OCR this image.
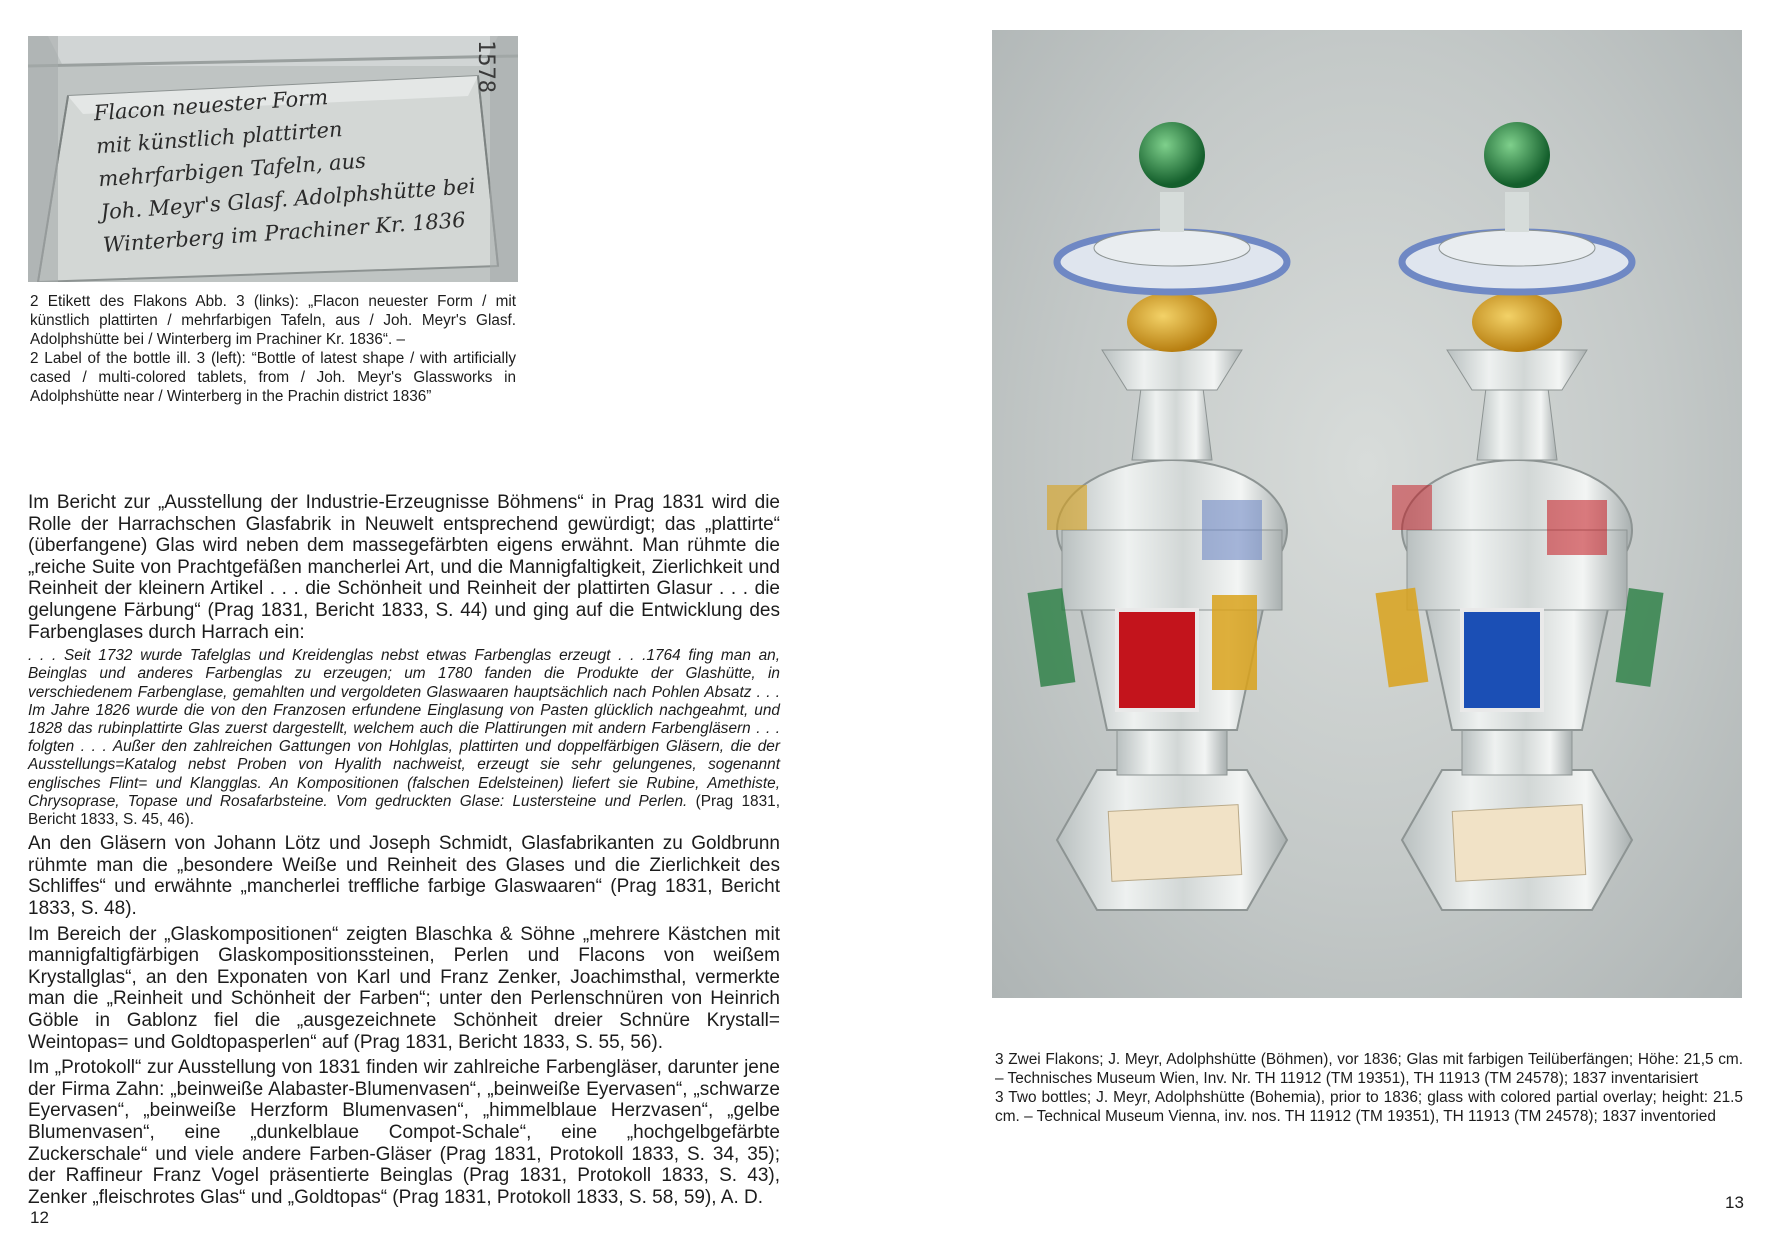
Flacon neuester Form
mit künstlich plattirten
mehrfarbigen Tafeln, aus
Joh. Meyr's Glasf. Adolphshütte bei
Winterberg im Prachiner Kr. 1836
1578

2 Etikett des Flakons Abb. 3 (links): „Flacon neuester Form / mit künstlich plattirten / mehrfarbigen Tafeln, aus / Joh. Meyr's Glasf. Adolphshütte bei / Winterberg im Prachiner Kr. 1836“. –

2 Label of the bottle ill. 3 (left): “Bottle of latest shape / with artificially cased / multi-colored tablets, from / Joh. Meyr's Glassworks in Adolphshütte near / Winterberg in the Prachin district 1836”

Im Bericht zur „Ausstellung der Industrie-Erzeugnisse Böhmens“ in Prag 1831 wird die Rolle der Harrachschen Glasfabrik in Neuwelt entsprechend gewürdigt; das „plattirte“ (überfangene) Glas wird neben dem massegefärbten eigens erwähnt. Man rühmte die „reiche Suite von Prachtgefäßen mancherlei Art, und die Mannigfaltigkeit, Zierlichkeit und Reinheit der kleinern Artikel . . . die Schönheit und Reinheit der plattirten Glasur . . . die gelungene Färbung“ (Prag 1831, Bericht 1833, S. 44) und ging auf die Entwicklung des Farbenglases durch Harrach ein:

. . . Seit 1732 wurde Tafelglas und Kreidenglas nebst etwas Farbenglas erzeugt . . .1764 fing man an, Beinglas und anderes Farbenglas zu erzeugen; um 1780 fanden die Produkte der Glashütte, in verschiedenem Farbenglase, gemahlten und vergoldeten Glaswaaren hauptsächlich nach Pohlen Absatz . . . Im Jahre 1826 wurde die von den Franzosen erfundene Einglasung von Pasten glücklich nachgeahmt, und 1828 das rubinplattirte Glas zuerst dargestellt, welchem auch die Plattirungen mit andern Farbengläsern . . . folgten . . . Außer den zahlreichen Gattungen von Hohlglas, plattirten und doppelfärbigen Gläsern, die der Ausstellungs=Katalog nebst Proben von Hyalith nachweist, erzeugt sie sehr gelungenes, sogenannt englisches Flint= und Klangglas. An Kompositionen (falschen Edelsteinen) liefert sie Rubine, Amethiste, Chrysoprase, Topase und Rosafarbsteine. Vom gedruckten Glase: Lustersteine und Perlen. (Prag 1831, Bericht 1833, S. 45, 46).

An den Gläsern von Johann Lötz und Joseph Schmidt, Glasfabrikanten zu Goldbrunn rühmte man die „besondere Weiße und Reinheit des Glases und die Zierlichkeit des Schliffes“ und erwähnte „mancherlei treffliche farbige Glaswaaren“ (Prag 1831, Bericht 1833, S. 48).

Im Bereich der „Glaskompositionen“ zeigten Blaschka & Söhne „mehrere Kästchen mit mannigfaltigfärbigen Glaskompositionssteinen, Perlen und Flacons von weißem Krystallglas“, an den Exponaten von Karl und Franz Zenker, Joachimsthal, vermerkte man die „Reinheit und Schönheit der Farben“; unter den Perlenschnüren von Heinrich Göble in Gablonz fiel die „ausgezeichnete Schönheit dreier Schnüre Krystall= Weintopas= und Goldtopasperlen“ auf (Prag 1831, Bericht 1833, S. 55, 56).

Im „Protokoll“ zur Ausstellung von 1831 finden wir zahlreiche Farbengläser, darunter jene der Firma Zahn: „beinweiße Alabaster-Blumenvasen“, „beinweiße Eyervasen“, „schwarze Eyervasen“, „beinweiße Herzform Blumenvasen“, „himmelblaue Herzvasen“, „gelbe Blumenvasen“, eine „dunkelblaue Compot-Schale“, eine „hochgelbgefärbte Zuckerschale“ und viele andere Farben-Gläser (Prag 1831, Protokoll 1833, S. 34, 35); der Raffineur Franz Vogel präsentierte Beinglas (Prag 1831, Protokoll 1833, S. 43), Zenker „fleischrotes Glas“ und „Goldtopas“ (Prag 1831, Protokoll 1833, S. 58, 59), A. D.

12

3 Zwei Flakons; J. Meyr, Adolphshütte (Böhmen), vor 1836; Glas mit farbigen Teilüberfängen; Höhe: 21,5 cm. – Technisches Museum Wien, Inv. Nr. TH 11912 (TM 19351), TH 11913 (TM 24578); 1837 inventarisiert

3 Two bottles; J. Meyr, Adolphshütte (Bohemia), prior to 1836; glass with colored partial overlay; height: 21.5 cm. – Technical Museum Vienna, inv. nos. TH 11912 (TM 19351), TH 11913 (TM 24578); 1837 inventoried

13
